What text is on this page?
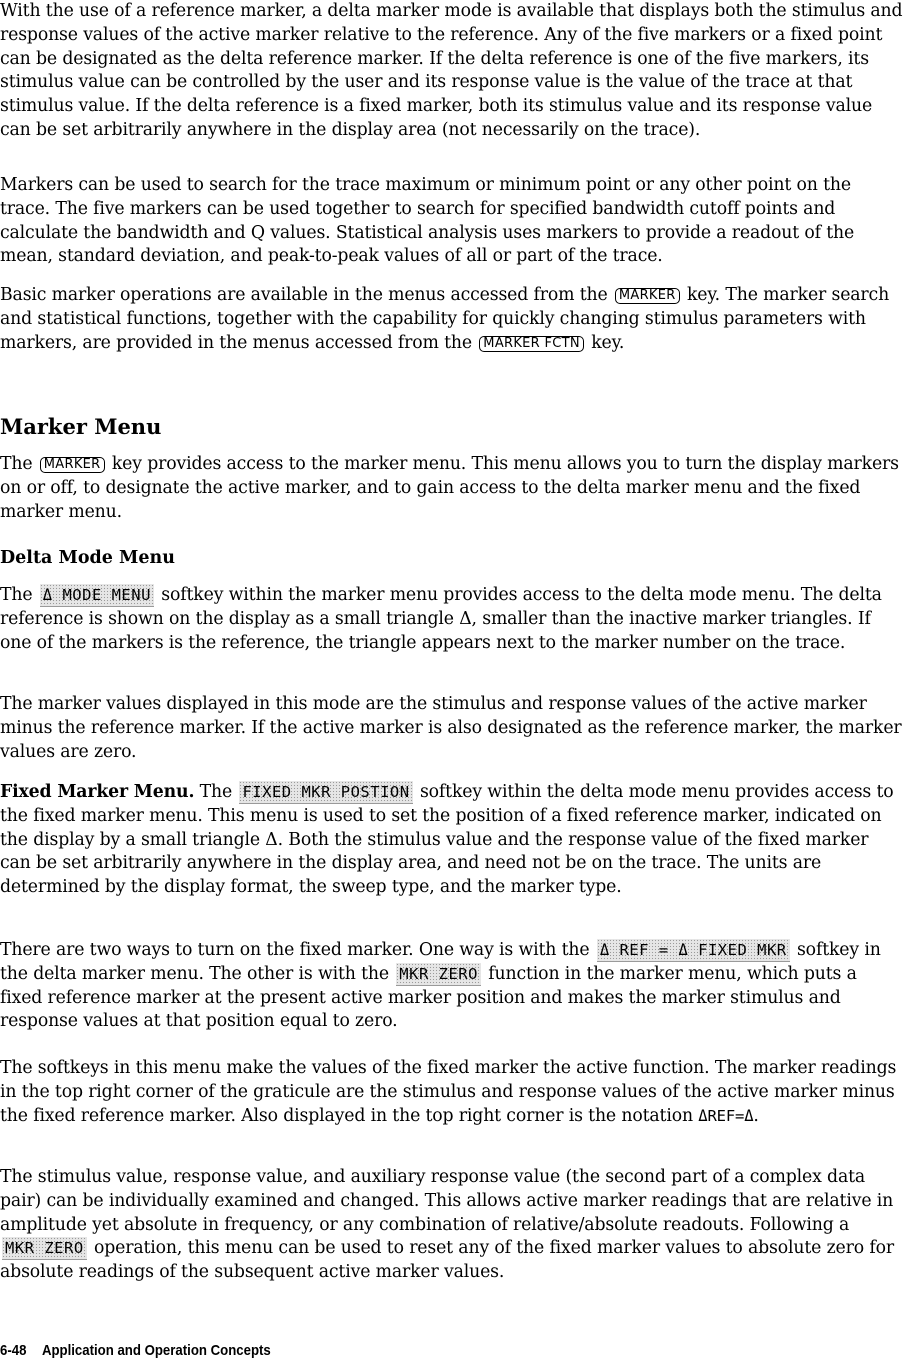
With the use of a reference marker, a delta marker mode is available that displays both the stimulus and response values of the active marker relative to the reference. Any of the five markers or a fixed point can be designated as the delta reference marker. If the delta reference is one of the five markers, its stimulus value can be controlled by the user and its response value is the value of the trace at that stimulus value. If the delta reference is a fixed marker, both its stimulus value and its response value can be set arbitrarily anywhere in the display area (not necessarily on the trace).

Markers can be used to search for the trace maximum or minimum point or any other point on the trace. The five markers can be used together to search for specified bandwidth cutoff points and calculate the bandwidth and Q values. Statistical analysis uses markers to provide a readout of the mean, standard deviation, and peak-to-peak values of all or part of the trace.

Basic marker operations are available in the menus accessed from the MARKER key. The marker search and statistical functions, together with the capability for quickly changing stimulus parameters with markers, are provided in the menus accessed from the MARKER FCTN key.

Marker Menu

The MARKER key provides access to the marker menu. This menu allows you to turn the display markers on or off, to designate the active marker, and to gain access to the delta marker menu and the fixed marker menu.

Delta Mode Menu

The Δ MODE MENU softkey within the marker menu provides access to the delta mode menu. The delta reference is shown on the display as a small triangle Δ, smaller than the inactive marker triangles. If one of the markers is the reference, the triangle appears next to the marker number on the trace.

The marker values displayed in this mode are the stimulus and response values of the active marker minus the reference marker. If the active marker is also designated as the reference marker, the marker values are zero.

Fixed Marker Menu. The FIXED MKR POSTION softkey within the delta mode menu provides access to the fixed marker menu. This menu is used to set the position of a fixed reference marker, indicated on the display by a small triangle Δ. Both the stimulus value and the response value of the fixed marker can be set arbitrarily anywhere in the display area, and need not be on the trace. The units are determined by the display format, the sweep type, and the marker type.

There are two ways to turn on the fixed marker. One way is with the Δ REF = Δ FIXED MKR softkey in the delta marker menu. The other is with the MKR ZERO function in the marker menu, which puts a fixed reference marker at the present active marker position and makes the marker stimulus and response values at that position equal to zero.

The softkeys in this menu make the values of the fixed marker the active function. The marker readings in the top right corner of the graticule are the stimulus and response values of the active marker minus the fixed reference marker. Also displayed in the top right corner is the notation ΔREF=Δ.

The stimulus value, response value, and auxiliary response value (the second part of a complex data pair) can be individually examined and changed. This allows active marker readings that are relative in amplitude yet absolute in frequency, or any combination of relative/absolute readouts. Following a MKR ZERO operation, this menu can be used to reset any of the fixed marker values to absolute zero for absolute readings of the subsequent active marker values.

6-48 Application and Operation Concepts
